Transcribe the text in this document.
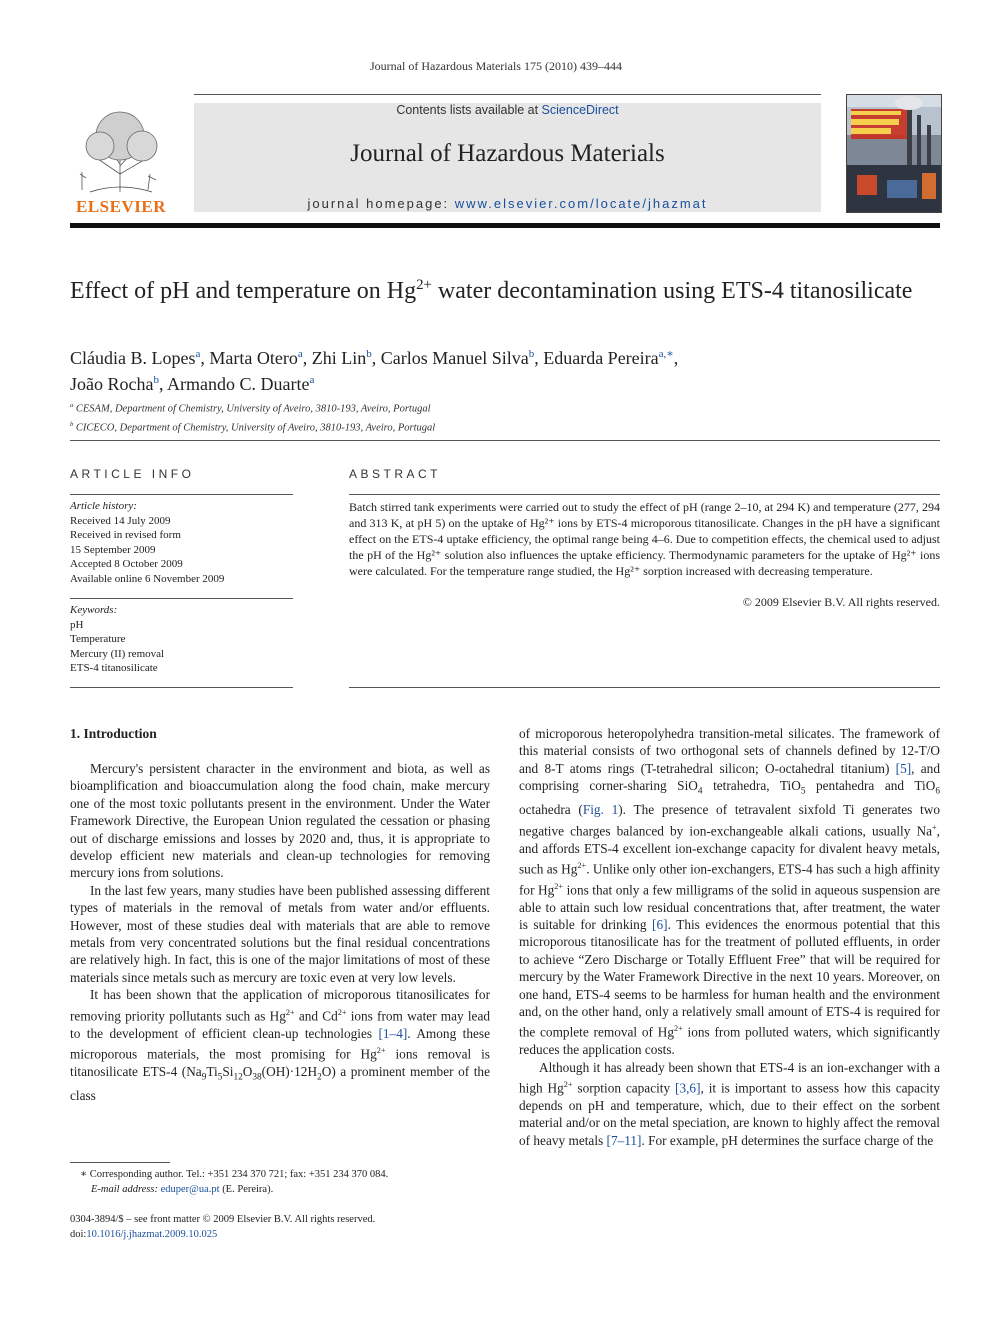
Journal of Hazardous Materials 175 (2010) 439–444
ELSEVIER
Contents lists available at ScienceDirect
Journal of Hazardous Materials
journal homepage: www.elsevier.com/locate/jhazmat
Effect of pH and temperature on $Hg^{2+}$ water decontamination using ETS-4 titanosilicate
Cláudia B. Lopes$^a$, Marta Otero$^a$, Zhi Lin$^b$, Carlos Manuel Silva$^b$, Eduarda Pereira$^{a,∗}$,
João Rocha$^b$, Armando C. Duarte$^a$
$^a$ CESAM, Department of Chemistry, University of Aveiro, 3810-193, Aveiro, Portugal
$^b$ CICECO, Department of Chemistry, University of Aveiro, 3810-193, Aveiro, Portugal
ARTICLE INFO
Article history:
Received 14 July 2009
Received in revised form
15 September 2009
Accepted 8 October 2009
Available online 6 November 2009
Keywords:
pH
Temperature
Mercury (II) removal
ETS-4 titanosilicate
ABSTRACT
Batch stirred tank experiments were carried out to study the effect of pH (range 2–10, at 294 K) and temperature (277, 294 and 313 K, at pH 5) on the uptake of Hg²⁺ ions by ETS-4 microporous titanosilicate. Changes in the pH have a significant effect on the ETS-4 uptake efficiency, the optimal range being 4–6. Due to competition effects, the chemical used to adjust the pH of the Hg²⁺ solution also influences the uptake efficiency. Thermodynamic parameters for the uptake of Hg²⁺ ions were calculated. For the temperature range studied, the Hg²⁺ sorption increased with decreasing temperature.
© 2009 Elsevier B.V. All rights reserved.
1. Introduction

Mercury's persistent character in the environment and biota, as well as bioamplification and bioaccumulation along the food chain, make mercury one of the most toxic pollutants present in the environment. Under the Water Framework Directive, the European Union regulated the cessation or phasing out of discharge emissions and losses by 2020 and, thus, it is appropriate to develop efficient new materials and clean-up technologies for removing mercury ions from solutions.

In the last few years, many studies have been published assessing different types of materials in the removal of metals from water and/or effluents. However, most of these studies deal with materials that are able to remove metals from very concentrated solutions but the final residual concentrations are relatively high. In fact, this is one of the major limitations of most of these materials since metals such as mercury are toxic even at very low levels.

It has been shown that the application of microporous titanosilicates for removing priority pollutants such as $Hg^{2+}$ and $Cd^{2+}$ ions from water may lead to the development of efficient clean-up technologies [1–4]. Among these microporous materials, the most promising for $Hg^{2+}$ ions removal is titanosilicate ETS-4 $(Na_9Ti_5Si_{12}O_{38}(OH)\cdot 12H_2O)$ a prominent member of the class

of microporous heteropolyhedra transition-metal silicates. The framework of this material consists of two orthogonal sets of channels defined by 12-T/O and 8-T atoms rings (T-tetrahedral silicon; O-octahedral titanium) [5], and comprising corner-sharing SiO$_4$ tetrahedra, TiO$_5$ pentahedra and TiO$_6$ octahedra (Fig. 1). The presence of tetravalent sixfold Ti generates two negative charges balanced by ion-exchangeable alkali cations, usually Na+, and affords ETS-4 excellent ion-exchange capacity for divalent heavy metals, such as $Hg^{2+}$. Unlike only other ion-exchangers, ETS-4 has such a high affinity for $Hg^{2+}$ ions that only a few milligrams of the solid in aqueous suspension are able to attain such low residual concentrations that, after treatment, the water is suitable for drinking [6]. This evidences the enormous potential that this microporous titanosilicate has for the treatment of polluted effluents, in order to achieve “Zero Discharge or Totally Effluent Free” that will be required for mercury by the Water Framework Directive in the next 10 years. Moreover, on one hand, ETS-4 seems to be harmless for human health and the environment and, on the other hand, only a relatively small amount of ETS-4 is required for the complete removal of $Hg^{2+}$ ions from polluted waters, which significantly reduces the application costs.

Although it has already been shown that ETS-4 is an ion-exchanger with a high $Hg^{2+}$ sorption capacity [3,6], it is important to assess how this capacity depends on pH and temperature, which, due to their effect on the sorbent material and/or on the metal speciation, are known to highly affect the removal of heavy metals [7–11]. For example, pH determines the surface charge of the

∗ Corresponding author. Tel.: +351 234 370 721; fax: +351 234 370 084.
E-mail address: eduper@ua.pt (E. Pereira).
0304-3894/$ – see front matter © 2009 Elsevier B.V. All rights reserved.
doi:10.1016/j.jhazmat.2009.10.025
